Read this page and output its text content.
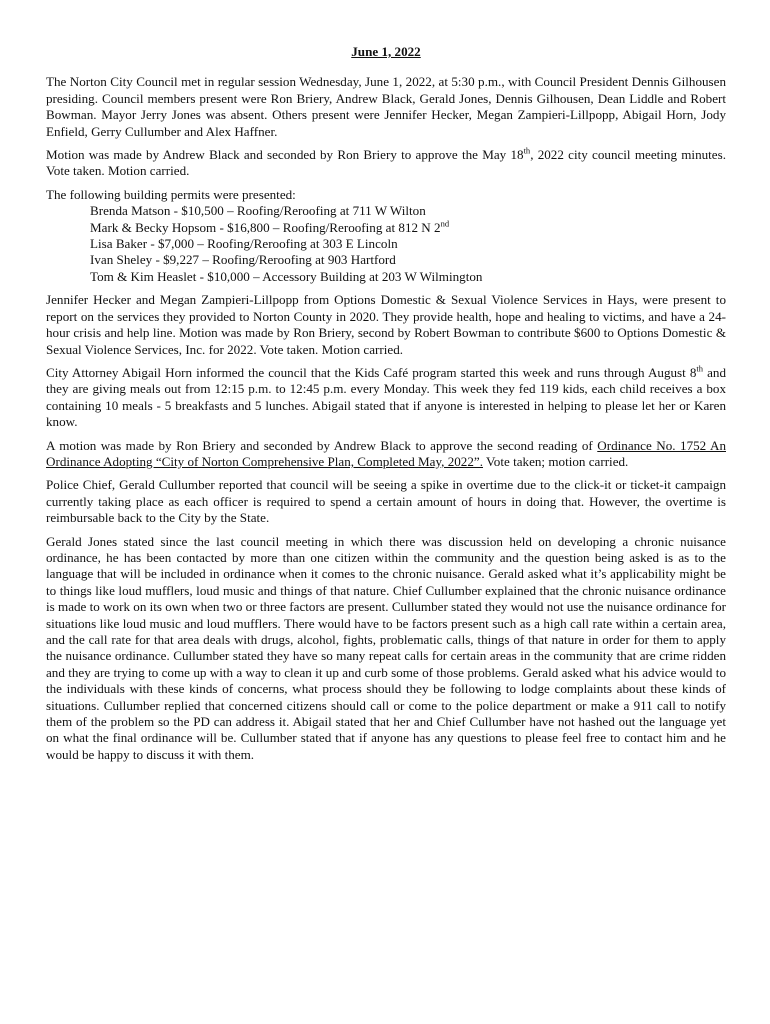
June 1, 2022

The Norton City Council met in regular session Wednesday, June 1, 2022, at 5:30 p.m., with Council President Dennis Gilhousen presiding. Council members present were Ron Briery, Andrew Black, Gerald Jones, Dennis Gilhousen, Dean Liddle and Robert Bowman. Mayor Jerry Jones was absent. Others present were Jennifer Hecker, Megan Zampieri-Lillpopp, Abigail Horn, Jody Enfield, Gerry Cullumber and Alex Haffner.

Motion was made by Andrew Black and seconded by Ron Briery to approve the May 18th, 2022 city council meeting minutes. Vote taken. Motion carried.

The following building permits were presented:
Brenda Matson - $10,500 – Roofing/Reroofing at 711 W Wilton
Mark & Becky Hopsom - $16,800 – Roofing/Reroofing at 812 N 2nd
Lisa Baker - $7,000 – Roofing/Reroofing at 303 E Lincoln
Ivan Sheley - $9,227 – Roofing/Reroofing at 903 Hartford
Tom & Kim Heaslet - $10,000 – Accessory Building at 203 W Wilmington

Jennifer Hecker and Megan Zampieri-Lillpopp from Options Domestic & Sexual Violence Services in Hays, were present to report on the services they provided to Norton County in 2020. They provide health, hope and healing to victims, and have a 24-hour crisis and help line. Motion was made by Ron Briery, second by Robert Bowman to contribute $600 to Options Domestic & Sexual Violence Services, Inc. for 2022. Vote taken. Motion carried.

City Attorney Abigail Horn informed the council that the Kids Café program started this week and runs through August 8th and they are giving meals out from 12:15 p.m. to 12:45 p.m. every Monday. This week they fed 119 kids, each child receives a box containing 10 meals - 5 breakfasts and 5 lunches. Abigail stated that if anyone is interested in helping to please let her or Karen know.

A motion was made by Ron Briery and seconded by Andrew Black to approve the second reading of Ordinance No. 1752 An Ordinance Adopting “City of Norton Comprehensive Plan, Completed May, 2022”. Vote taken; motion carried.

Police Chief, Gerald Cullumber reported that council will be seeing a spike in overtime due to the click-it or ticket-it campaign currently taking place as each officer is required to spend a certain amount of hours in doing that. However, the overtime is reimbursable back to the City by the State.

Gerald Jones stated since the last council meeting in which there was discussion held on developing a chronic nuisance ordinance, he has been contacted by more than one citizen within the community and the question being asked is as to the language that will be included in ordinance when it comes to the chronic nuisance. Gerald asked what it’s applicability might be to things like loud mufflers, loud music and things of that nature. Chief Cullumber explained that the chronic nuisance ordinance is made to work on its own when two or three factors are present. Cullumber stated they would not use the nuisance ordinance for situations like loud music and loud mufflers. There would have to be factors present such as a high call rate within a certain area, and the call rate for that area deals with drugs, alcohol, fights, problematic calls, things of that nature in order for them to apply the nuisance ordinance. Cullumber stated they have so many repeat calls for certain areas in the community that are crime ridden and they are trying to come up with a way to clean it up and curb some of those problems. Gerald asked what his advice would to the individuals with these kinds of concerns, what process should they be following to lodge complaints about these kinds of situations. Cullumber replied that concerned citizens should call or come to the police department or make a 911 call to notify them of the problem so the PD can address it. Abigail stated that her and Chief Cullumber have not hashed out the language yet on what the final ordinance will be. Cullumber stated that if anyone has any questions to please feel free to contact him and he would be happy to discuss it with them.
